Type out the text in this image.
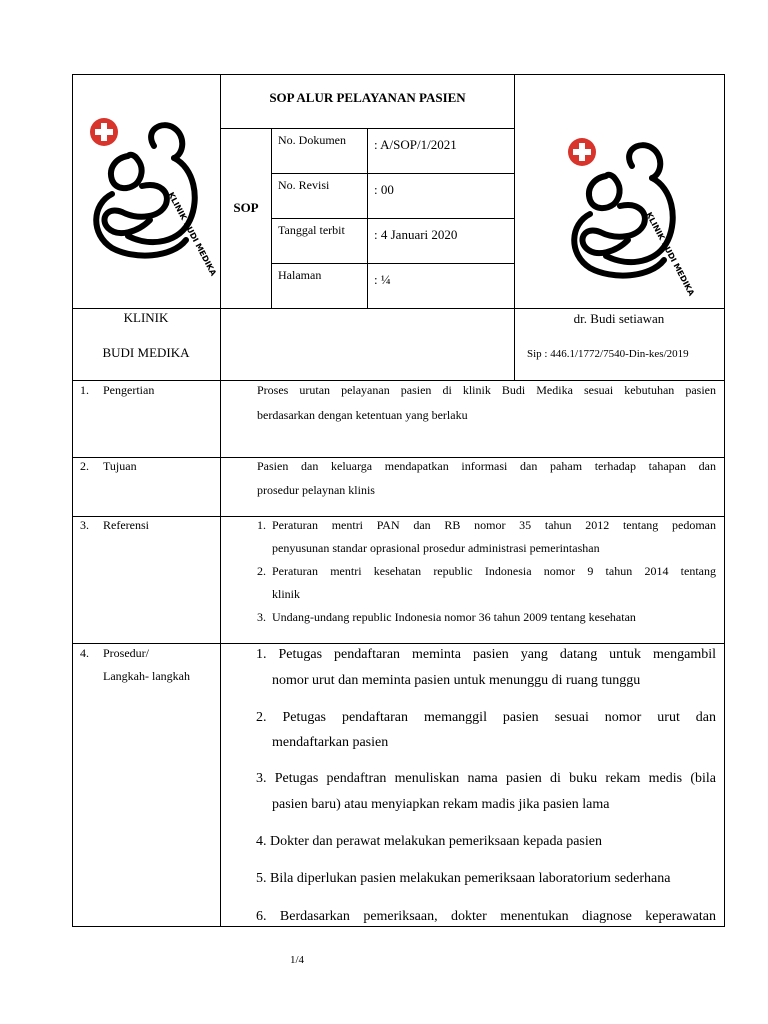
KLINIK BUDI MEDIKA	KLINIK BUDI MEDIKA
SOP ALUR PELAYANAN PASIEN
SOP
No. Dokumen : A/SOP/1/2021
No. Revisi	: 00
Tanggal terbit : 4 Januari 2020
Halaman	: ¼
KLINIK
BUDI MEDIKA
dr. Budi setiawan
Sip : 446.1/1772/7540-Din-kes/2019
1. Pengertian	Proses urutan pelayanan pasien di klinik Budi Medika sesuai kebutuhan pasien
berdasarkan dengan ketentuan yang berlaku
2. Tujuan	Pasien dan keluarga mendapatkan informasi dan paham terhadap tahapan dan
prosedur pelaynan klinis
3. Referensi	1. Peraturan mentri PAN dan RB nomor 35 tahun 2012 tentang pedoman
penyusunan standar oprasional prosedur administrasi pemerintashan
2. Peraturan mentri kesehatan republic Indonesia nomor 9 tahun 2014 tentang
klinik
3. Undang-undang republic Indonesia nomor 36 tahun 2009 tentang kesehatan
4. Prosedur/
Langkah- langkah
1. Petugas pendaftaran meminta pasien yang datang untuk mengambil
nomor urut dan meminta pasien untuk menunggu di ruang tunggu
2. Petugas pendaftaran memanggil pasien sesuai nomor urut dan
mendaftarkan pasien
3. Petugas pendaftran menuliskan nama pasien di buku rekam medis (bila
pasien baru) atau menyiapkan rekam madis jika pasien lama
4. Dokter dan perawat melakukan pemeriksaan kepada pasien
5. Bila diperlukan pasien melakukan pemeriksaan laboratorium sederhana
6. Berdasarkan pemeriksaan, dokter menentukan diagnose keperawatan
1/4
